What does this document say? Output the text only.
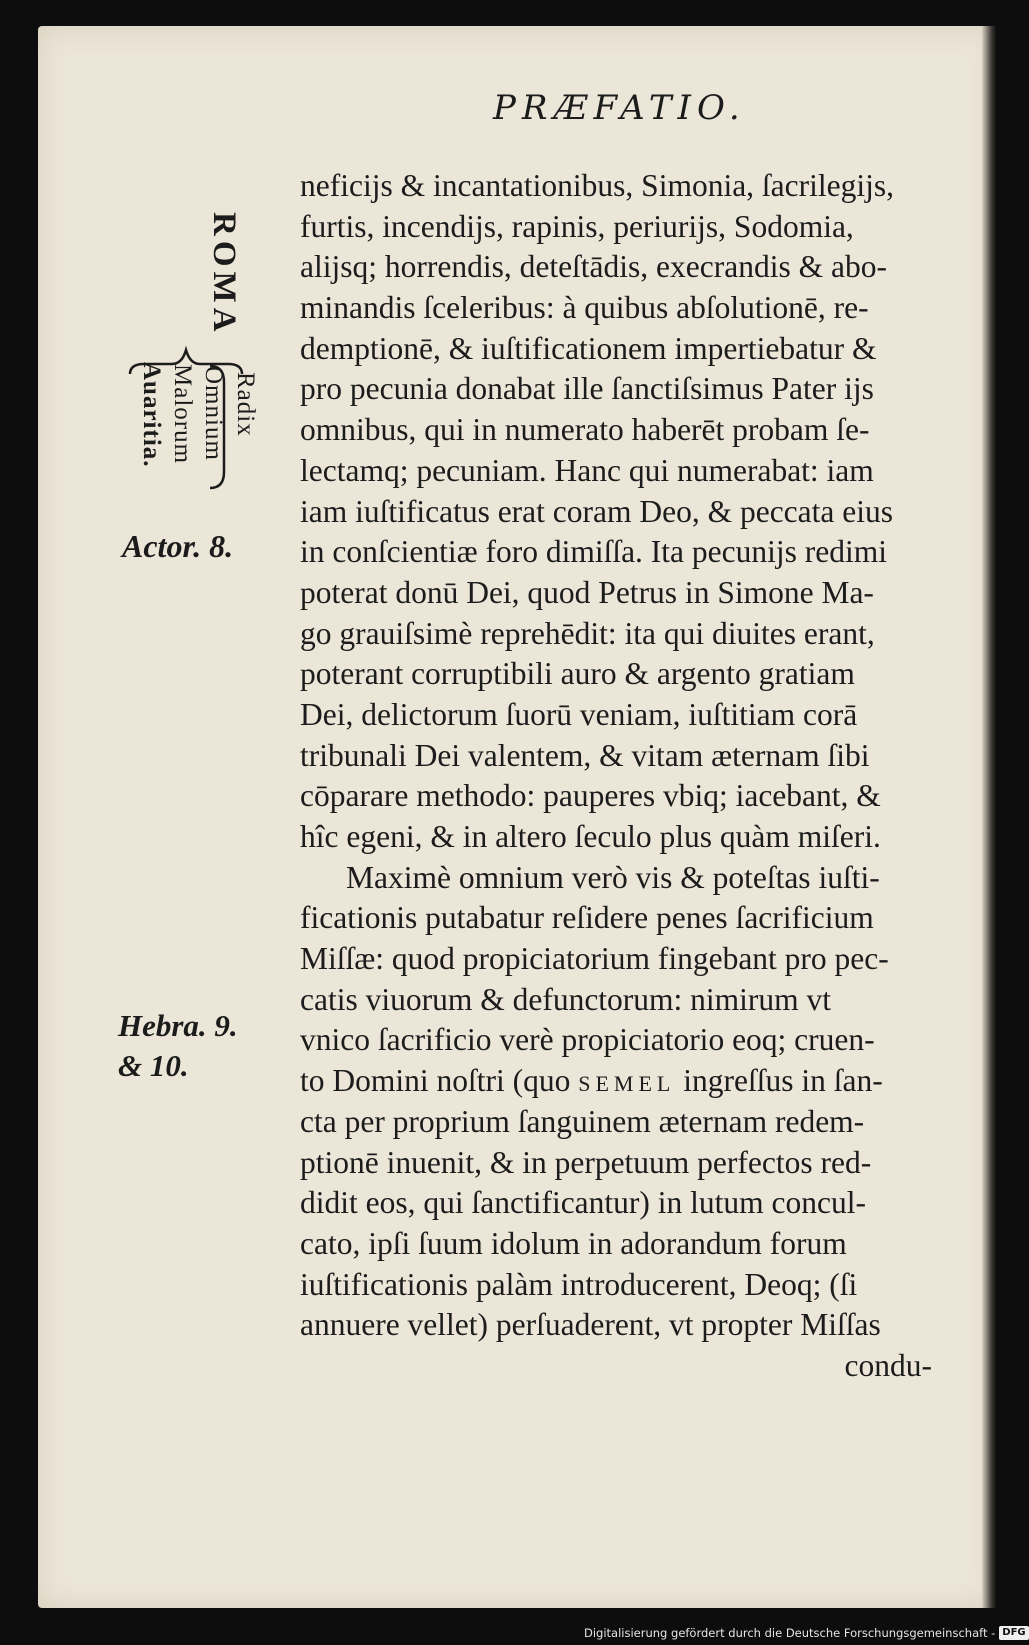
PRÆFATIO.
ROMA
Radix
Omnium
Malorum
Auaritia.
Actor. 8.
Hebra. 9.
& 10.
neficijs & incantationibus, Simonia, ſacrilegijs,
furtis, incendijs, rapinis, periurijs, Sodomia,
alijsq; horrendis, deteſtādis, execrandis & abo-
minandis ſceleribus: à quibus abſolutionē, re-
demptionē, & iuſtificationem impertiebatur &
pro pecunia donabat ille ſanctiſsimus Pater ijs
omnibus, qui in numerato haberēt probam ſe-
lectamq; pecuniam. Hanc qui numerabat: iam
iam iuſtificatus erat coram Deo, & peccata eius
in conſcientiæ foro dimiſſa. Ita pecunijs redimi
poterat donū Dei, quod Petrus in Simone Ma-
go grauiſsimè reprehēdit: ita qui diuites erant,
poterant corruptibili auro & argento gratiam
Dei, delictorum ſuorū veniam, iuſtitiam corā
tribunali Dei valentem, & vitam æternam ſibi
cōparare methodo: pauperes vbiq; iacebant, &
hîc egeni, & in altero ſeculo plus quàm miſeri.
Maximè omnium verò vis & poteſtas iuſti-
ficationis putabatur reſidere penes ſacrificium
Miſſæ: quod propiciatorium fingebant pro pec-
catis viuorum & defunctorum: nimirum vt
vnico ſacrificio verè propiciatorio eoq; cruen-
to Domini noſtri (quo SEMEL ingreſſus in ſan-
cta per proprium ſanguinem æternam redem-
ptionē inuenit, & in perpetuum perfectos red-
didit eos, qui ſanctificantur) in lutum concul-
cato, ipſi ſuum idolum in adorandum forum
iuſtificationis palàm introducerent, Deoq; (ſi
annuere vellet) perſuaderent, vt propter Miſſas
condu-
Digitalisierung gefördert durch die Deutsche Forschungsgemeinschaft - DFG
